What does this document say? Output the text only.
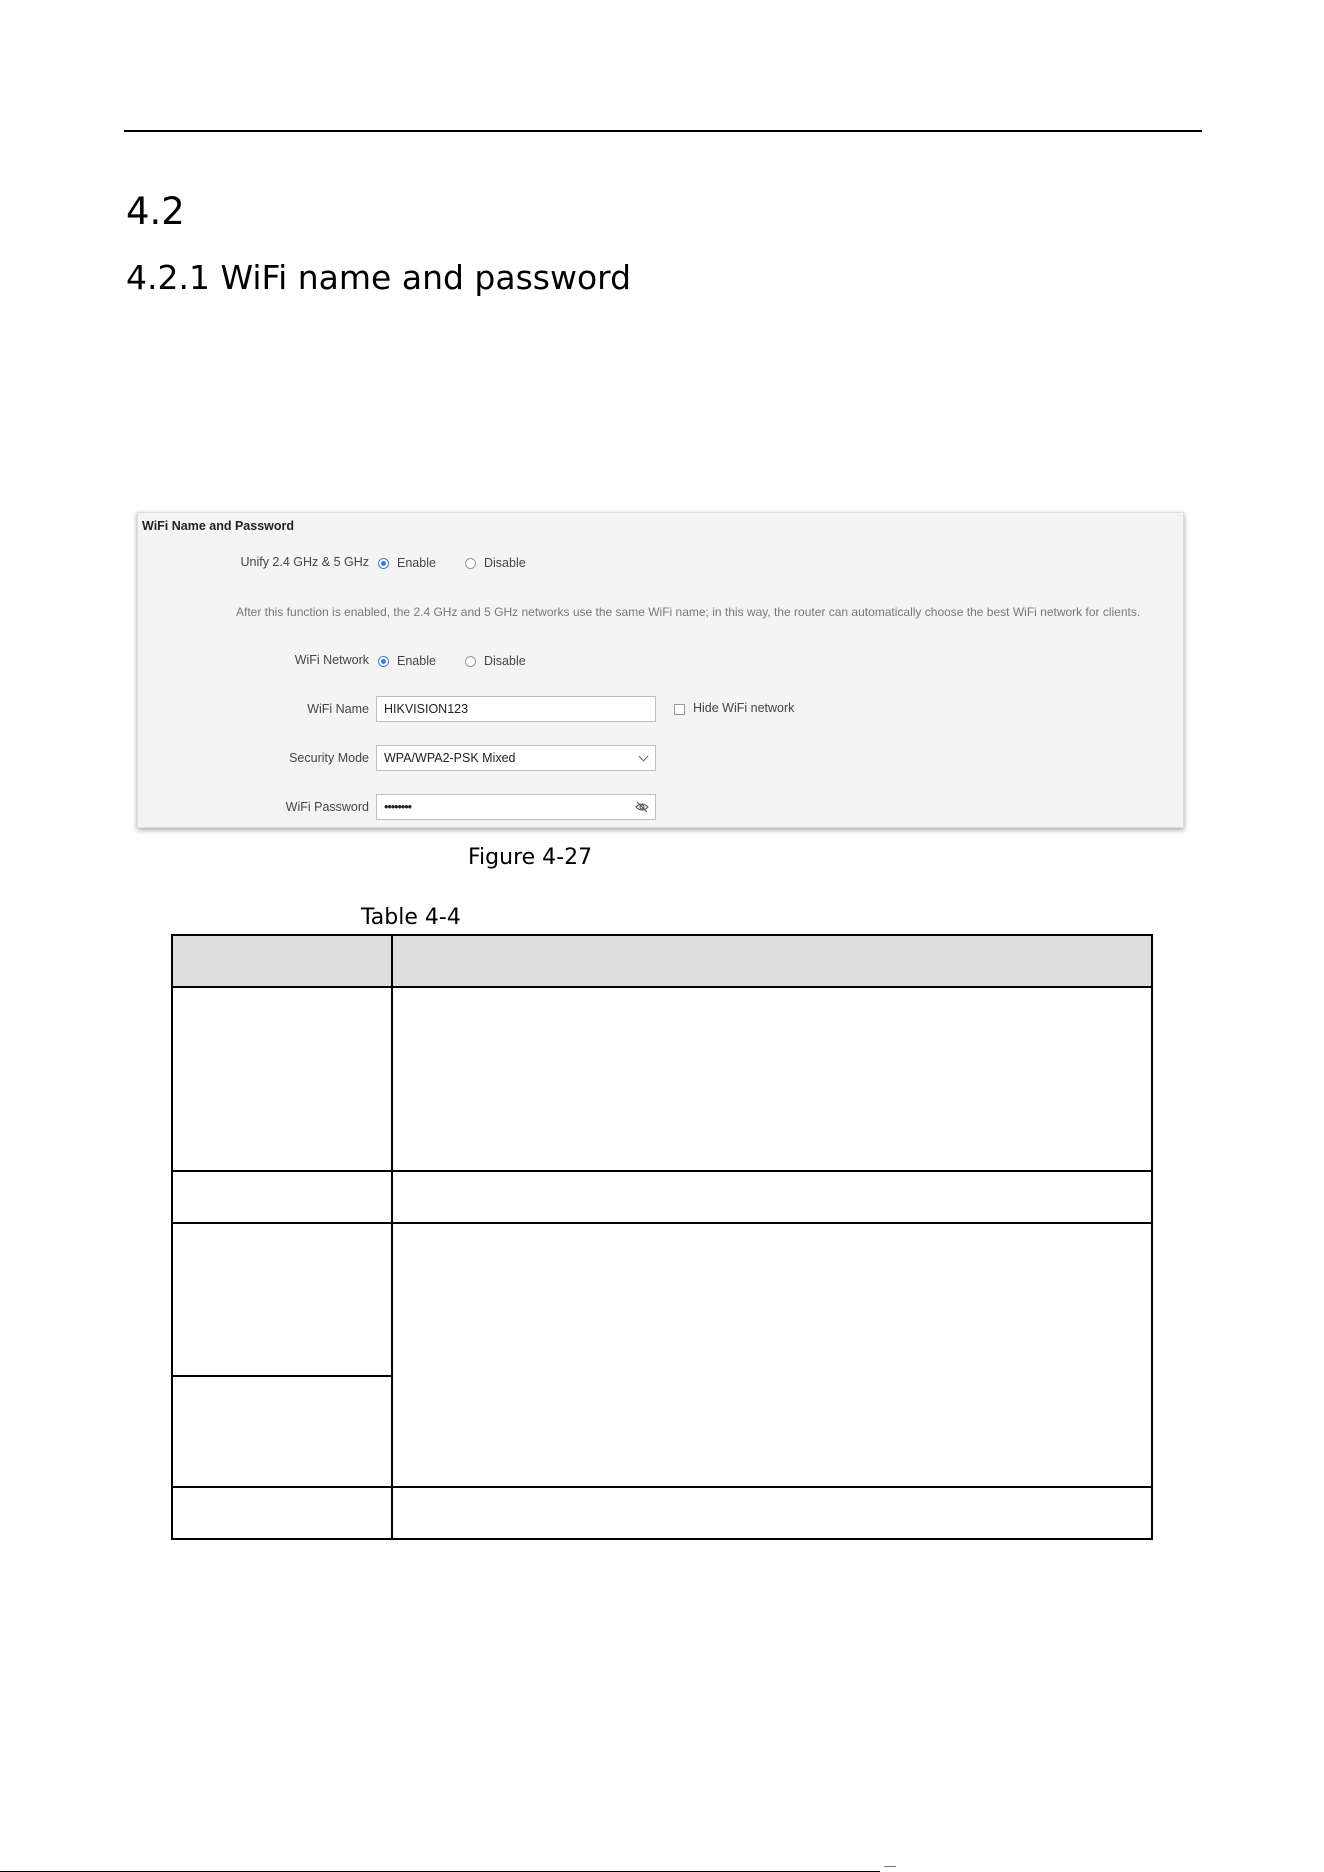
4.2
4.2.1 WiFi name and password
WiFi Name and Password
Unify 2.4 GHz & 5 GHz Enable	Disable
After this function is enabled, the 2.4 GHz and 5 GHz networks use the same WiFi name; in this way, the router can automatically choose the best WiFi network for clients.
WiFi Network Enable	Disable
WiFi Name	HIKVISION123	Hide WiFi network
Security Mode	WPA/WPA2-PSK Mixed
WiFi Password	••••••••
Figure 4-27
Table 4-4
